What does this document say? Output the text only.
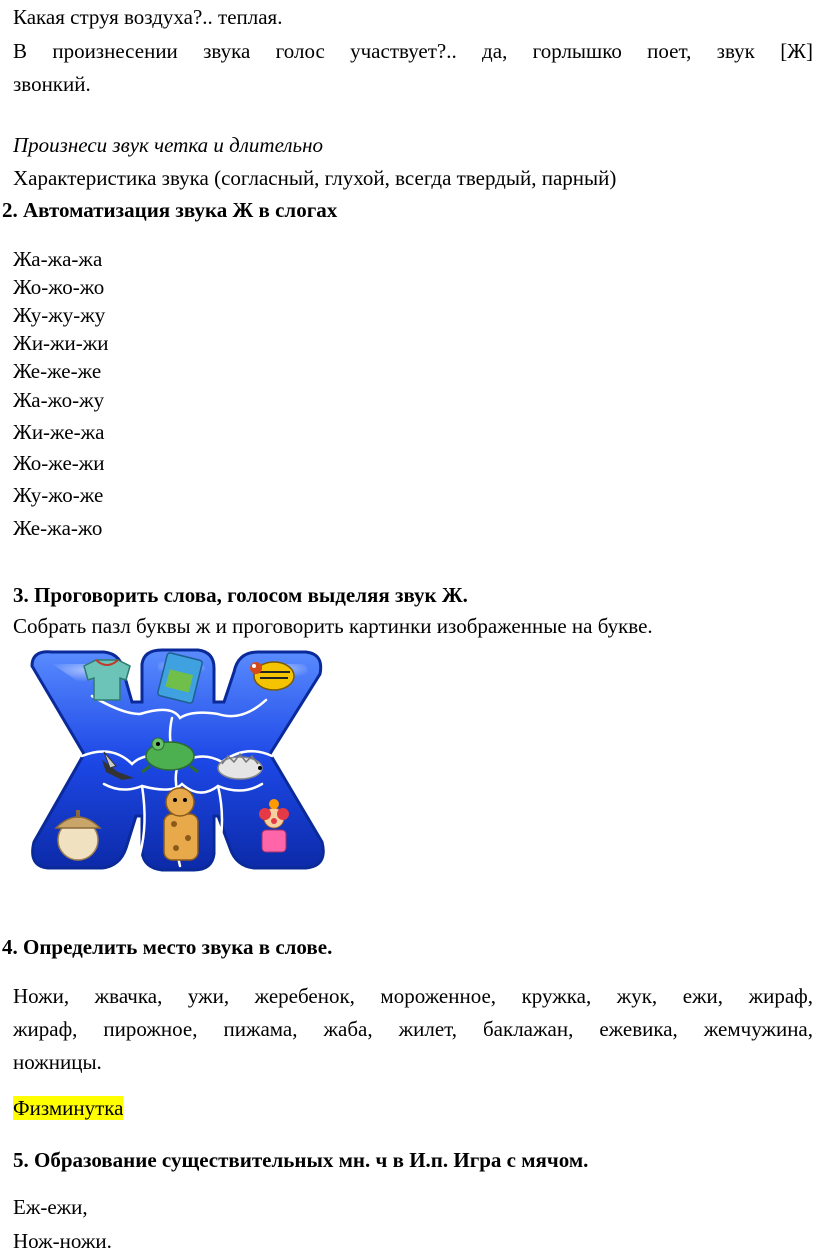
Какая струя воздуха?.. теплая.
В произнесении звука голос участвует?.. да, горлышко поет, звук [Ж]
звонкий.
Произнеси звук четка и длительно
Характеристика звука (согласный, глухой, всегда твердый, парный)
2. Автоматизация звука Ж в слогах
Жа-жа-жа
Жо-жо-жо
Жу-жу-жу
Жи-жи-жи
Же-же-же
Жа-жо-жу
Жи-же-жа
Жо-же-жи
Жу-жо-же
Же-жа-жо
3. Проговорить слова, голосом выделяя звук Ж.
Собрать пазл буквы ж и проговорить картинки изображенные на букве.
4. Определить место звука в слове.
Ножи, жвачка, ужи, жеребенок, мороженное, кружка, жук, ежи, жираф,
жираф, пирожное, пижама, жаба, жилет, баклажан, ежевика, жемчужина,
ножницы.
Физминутка
5. Образование существительных мн. ч в И.п. Игра с мячом.
Еж-ежи,
Нож-ножи.
